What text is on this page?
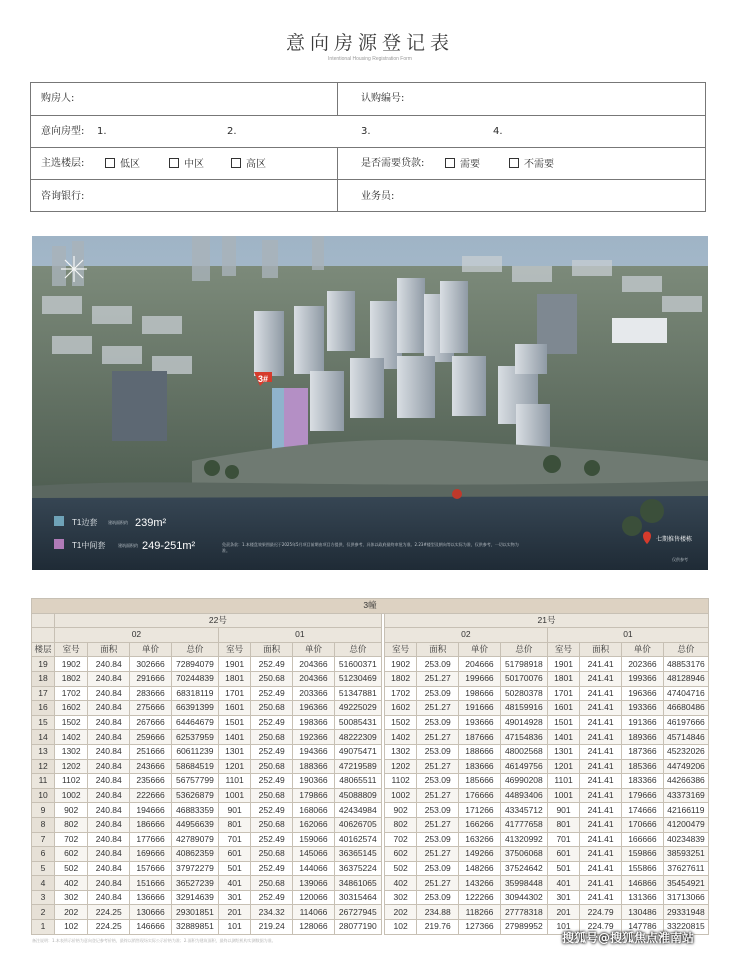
意向房源登记表
Intentional Housing Registration Form
购房人:	认购编号:
意向房型: 1.	2.	3.	4.
主选楼层:	低区	中区	高区	是否需要贷款:	需要	不需要
咨询银行:	业务员:
3#
T1边套	建筑面积约 239m²
T1中间套	建筑面积约 249-251m²	免责条款：1.本楼盘效果图最迟于2025年5月项目前期由项目方提供，仅供参考，具体以政府最终审批为准。2.23#楼型及朝向等以实际为准，仅供参考，一切以实物为准。
七期推售楼栋
仅供参考
3幢																	
	22号									21号							
	02				01					02				01			
楼层	室号	面积	单价	总价	室号	面积	单价	总价		室号	面积	单价	总价	室号	面积	单价	总价
19	1902	240.84	302666	72894079	1901	252.49	204366	51600371		1902	253.09	204666	51798918	1901	241.41	202366	48853176
18	1802	240.84	291666	70244839	1801	250.68	204366	51230469		1802	251.27	199666	50170076	1801	241.41	199366	48128946
17	1702	240.84	283666	68318119	1701	252.49	203366	51347881		1702	253.09	198666	50280378	1701	241.41	196366	47404716
16	1602	240.84	275666	66391399	1601	250.68	196366	49225029		1602	251.27	191666	48159916	1601	241.41	193366	46680486
15	1502	240.84	267666	64464679	1501	252.49	198366	50085431		1502	253.09	193666	49014928	1501	241.41	191366	46197666
14	1402	240.84	259666	62537959	1401	250.68	192366	48222309		1402	251.27	187666	47154836	1401	241.41	189366	45714846
13	1302	240.84	251666	60611239	1301	252.49	194366	49075471		1302	253.09	188666	48002568	1301	241.41	187366	45232026
12	1202	240.84	243666	58684519	1201	250.68	188366	47219589		1202	251.27	183666	46149756	1201	241.41	185366	44749206
11	1102	240.84	235666	56757799	1101	252.49	190366	48065511		1102	253.09	185666	46990208	1101	241.41	183366	44266386
10	1002	240.84	222666	53626879	1001	250.68	179866	45088809		1002	251.27	176666	44893406	1001	241.41	179666	43373169
9	902	240.84	194666	46883359	901	252.49	168066	42434984		902	253.09	171266	43345712	901	241.41	174666	42166119
8	802	240.84	186666	44956639	801	250.68	162066	40626705		802	251.27	166266	41777658	801	241.41	170666	41200479
7	702	240.84	177666	42789079	701	252.49	159066	40162574		702	253.09	163266	41320992	701	241.41	166666	40234839
6	602	240.84	169666	40862359	601	250.68	145066	36365145		602	251.27	149266	37506068	601	241.41	159866	38593251
5	502	240.84	157666	37972279	501	252.49	144066	36375224		502	253.09	148266	37524642	501	241.41	155866	37627611
4	402	240.84	151666	36527239	401	250.68	139066	34861065		402	251.27	143266	35998448	401	241.41	146866	35454921
3	302	240.84	136666	32914639	301	252.49	120066	30315464		302	253.09	122266	30944302	301	241.41	131366	31713066
2	202	224.25	130666	29301851	201	234.32	114066	26727945		202	234.88	118266	27778318	201	224.79	130486	29331948
1	102	224.25	146666	32889851	101	219.24	128066	28077190		102	219.76	127366	27989952	101	224.79	147786	33220815
备注说明：1.本表所示价格为意向登记参考价格，最终以销售现场实际公示价格为准；2.面积为建筑面积，最终以测绘机构实测数据为准。	搜狐号@搜狐焦点淮南站
